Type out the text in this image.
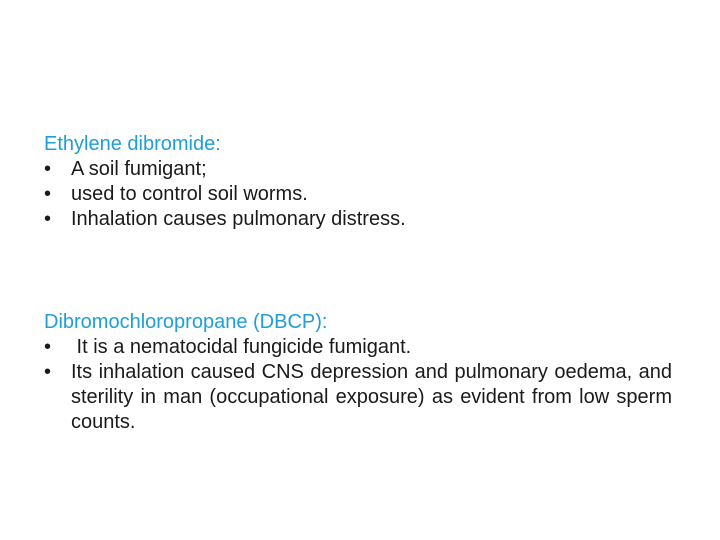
Ethylene dibromide:
• A soil fumigant;
• used to control soil worms.
• Inhalation causes pulmonary distress.
Dibromochloropropane (DBCP):
• It is a nematocidal fungicide fumigant.
• Its inhalation caused CNS depression and pulmonary oedema, and sterility in man (occupational exposure) as evident from low sperm counts.
